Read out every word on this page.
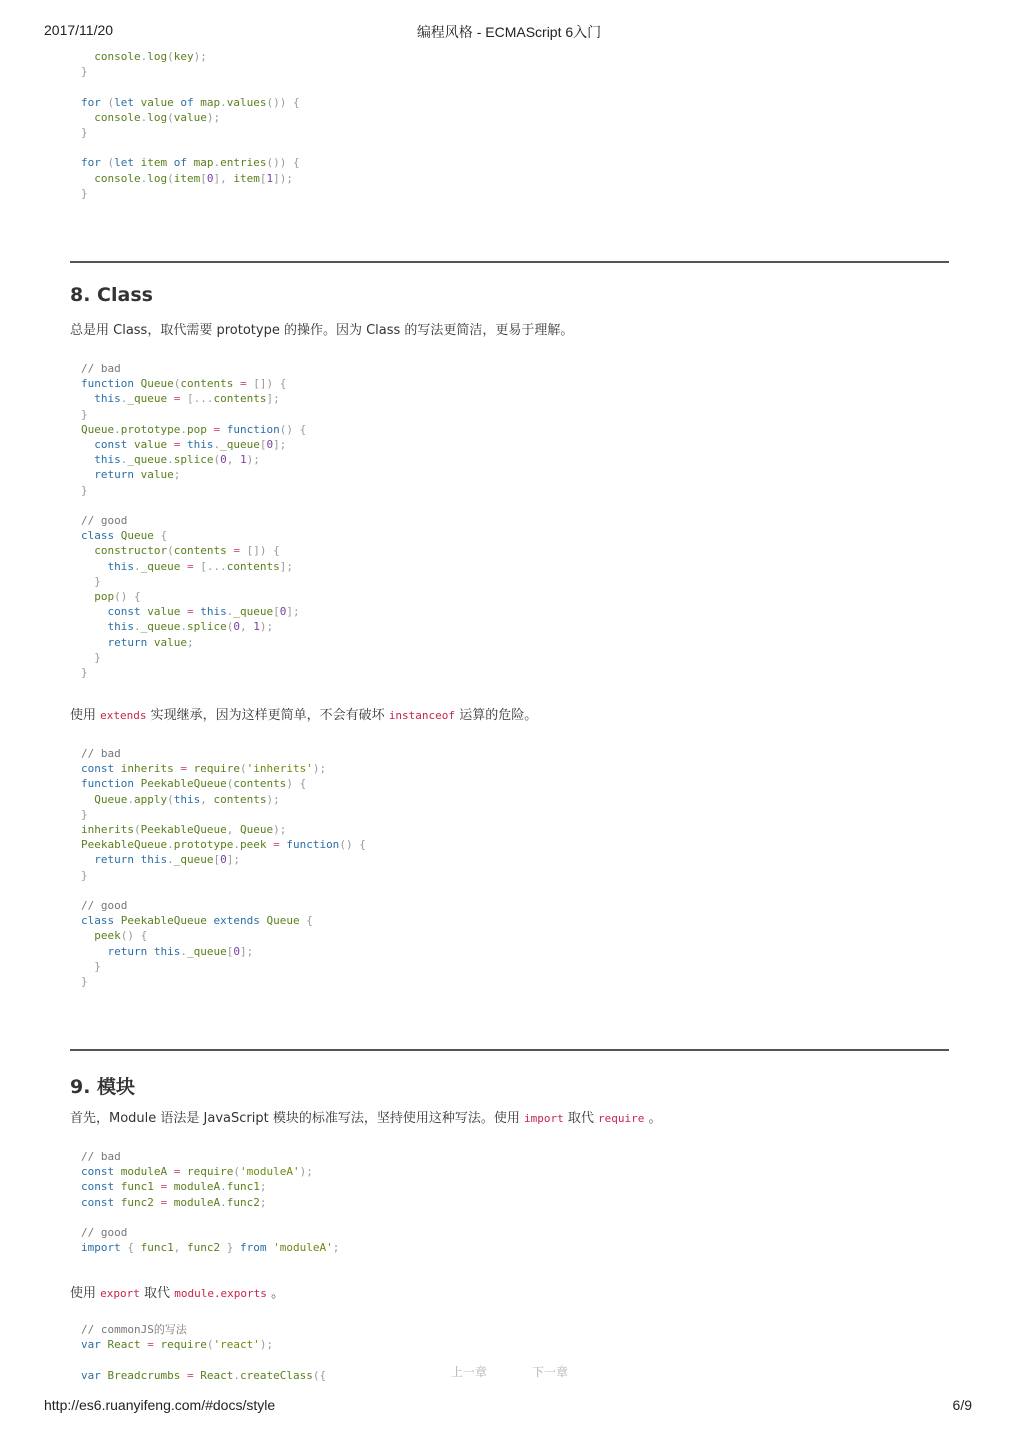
2017/11/20	编程风格 - ECMAScript 6入门
console.log(key);
}

for (let value of map.values()) {
console.log(value);
}

for (let item of map.entries()) {
console.log(item[0], item[1]);
}
8. Class

总是用 Class，取代需要 prototype 的操作。因为 Class 的写法更简洁，更易于理解。

// bad
function Queue(contents = []) {
this._queue = [...contents];
}
Queue.prototype.pop = function() {
const value = this._queue[0];
this._queue.splice(0, 1);
return value;
}

// good
class Queue {
constructor(contents = []) {
this._queue = [...contents];
}
pop() {
const value = this._queue[0];
this._queue.splice(0, 1);
return value;
}
}

使用 extends 实现继承，因为这样更简单，不会有破坏 instanceof 运算的危险。

// bad
const inherits = require('inherits');
function PeekableQueue(contents) {
Queue.apply(this, contents);
}
inherits(PeekableQueue, Queue);
PeekableQueue.prototype.peek = function() {
return this._queue[0];
}

// good
class PeekableQueue extends Queue {
peek() {
return this._queue[0];
}
}
9. 模块

首先，Module 语法是 JavaScript 模块的标准写法，坚持使用这种写法。使用 import 取代 require 。

// bad
const moduleA = require('moduleA');
const func1 = moduleA.func1;
const func2 = moduleA.func2;

// good
import { func1, func2 } from 'moduleA';

使用 export 取代 module.exports 。

// commonJS的写法
var React = require('react');

var Breadcrumbs = React.createClass({	上一章	下一章
http://es6.ruanyifeng.com/#docs/style	6/9
